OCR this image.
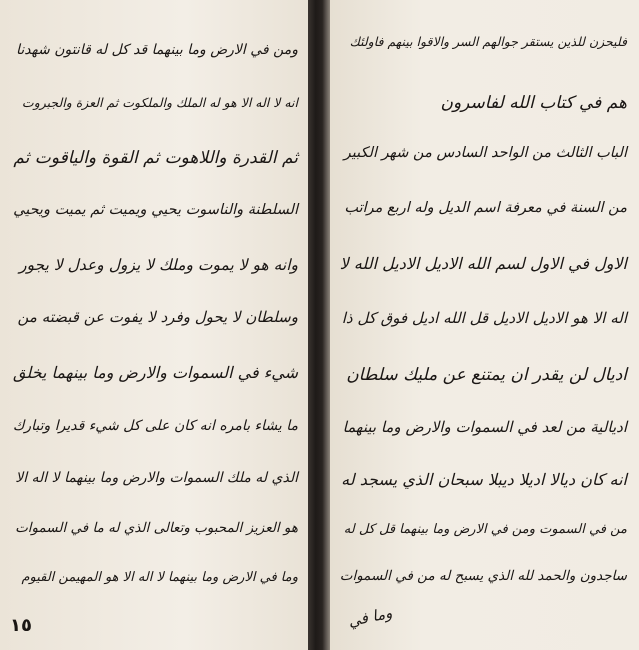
ومن في الارض وما بينهما قد كل له قانتون شهدنا
انه لا اله الا هو له الملك والملكوت ثم العزة والجبروت
ثم القدرة واللاهوت ثم القوة والياقوت ثم
السلطنة والناسوت يحيي ويميت ثم يميت ويحيي
وانه هو لا يموت وملك لا يزول وعدل لا يجور
وسلطان لا يحول وفرد لا يفوت عن قبضته من
شيء في السموات والارض وما بينهما يخلق
ما يشاء بامره انه كان على كل شيء قديرا وتبارك
الذي له ملك السموات والارض وما بينهما لا اله الا
هو العزيز المحبوب وتعالى الذي له ما في السموات
وما في الارض وما بينهما لا اله الا هو المهيمن القيوم
١٥
فليحزن للذين يستقر جوالهم السر والاقوا بينهم فاولئك
هم في كتاب الله لفاسرون
الباب الثالث من الواحد السادس من شهر الكبير
من السنة في معرفة اسم الديل وله اربع مراتب
الاول في الاول لسم الله الاديل الاديل الله لا
اله الا هو الاديل الاديل قل الله اديل فوق كل ذا
اديال لن يقدر ان يمتنع عن مليك سلطان
اديالية من لعد في السموات والارض وما بينهما
انه كان ديالا اديلا ديبلا سبحان الذي يسجد له
من في السموت ومن في الارض وما بينهما قل كل له
ساجدون والحمد لله الذي يسبح له من في السموات
وما في
